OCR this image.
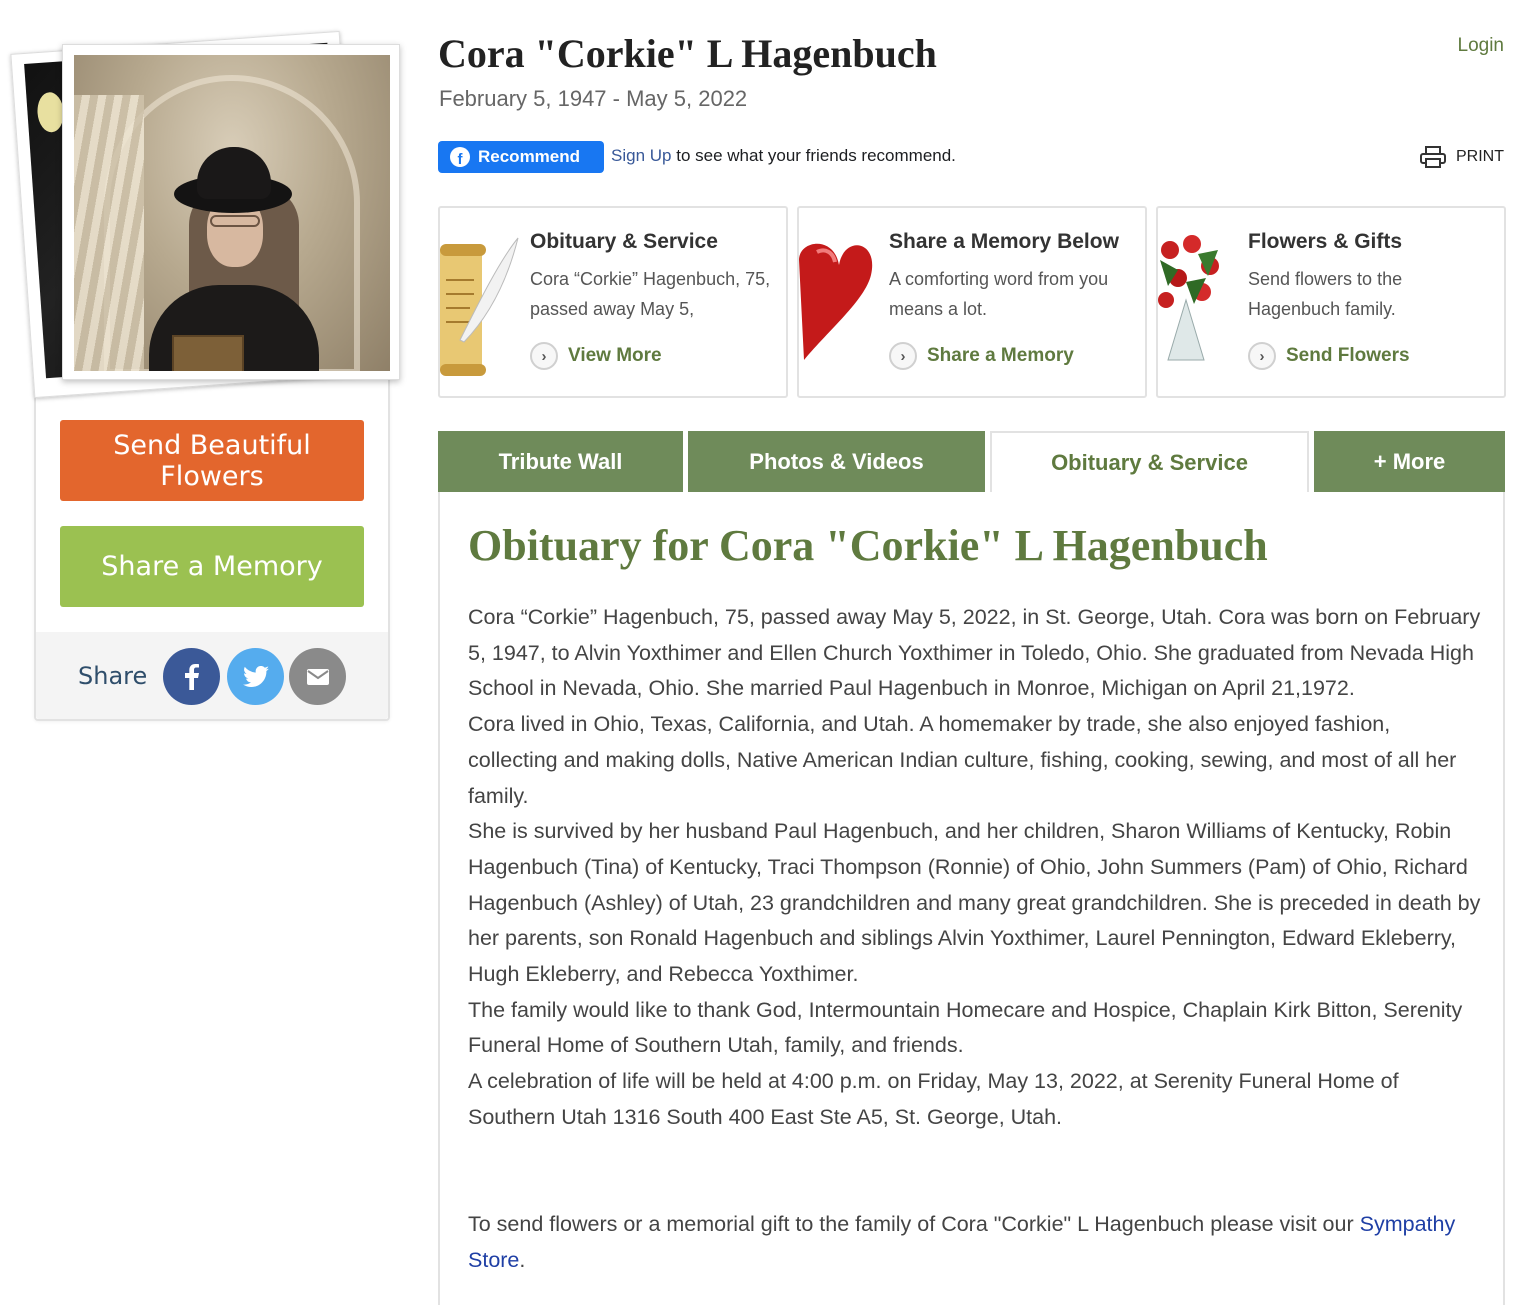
Send Beautiful Flowers
Share a Memory
Share
Cora "Corkie" L Hagenbuch
February 5, 1947 - May 5, 2022
Login
f Recommend Sign Up to see what your friends recommend.	PRINT
Obituary & Service
Cora “Corkie” Hagenbuch, 75, passed away May 5,
›	View More
Share a Memory Below
A comforting word from you means a lot.
›	Share a Memory
Flowers & Gifts
Send flowers to the Hagenbuch family.
›	Send Flowers
Tribute Wall	Photos & Videos	Obituary & Service	+ More
Obituary for Cora "Corkie" L Hagenbuch

Cora “Corkie” Hagenbuch, 75, passed away May 5, 2022, in St. George, Utah. Cora was born on February 5, 1947, to Alvin Yoxthimer and Ellen Church Yoxthimer in Toledo, Ohio. She graduated from Nevada High School in Nevada, Ohio. She married Paul Hagenbuch in Monroe, Michigan on April 21,1972.

Cora lived in Ohio, Texas, California, and Utah. A homemaker by trade, she also enjoyed fashion, collecting and making dolls, Native American Indian culture, fishing, cooking, sewing, and most of all her family.

She is survived by her husband Paul Hagenbuch, and her children, Sharon Williams of Kentucky, Robin Hagenbuch (Tina) of Kentucky, Traci Thompson (Ronnie) of Ohio, John Summers (Pam) of Ohio, Richard Hagenbuch (Ashley) of Utah, 23 grandchildren and many great grandchildren. She is preceded in death by her parents, son Ronald Hagenbuch and siblings Alvin Yoxthimer, Laurel Pennington, Edward Ekleberry, Hugh Ekleberry, and Rebecca Yoxthimer.

The family would like to thank God, Intermountain Homecare and Hospice, Chaplain Kirk Bitton, Serenity Funeral Home of Southern Utah, family, and friends.

A celebration of life will be held at 4:00 p.m. on Friday, May 13, 2022, at Serenity Funeral Home of Southern Utah 1316 South 400 East Ste A5, St. George, Utah.

To send flowers or a memorial gift to the family of Cora "Corkie" L Hagenbuch please visit our Sympathy Store.
